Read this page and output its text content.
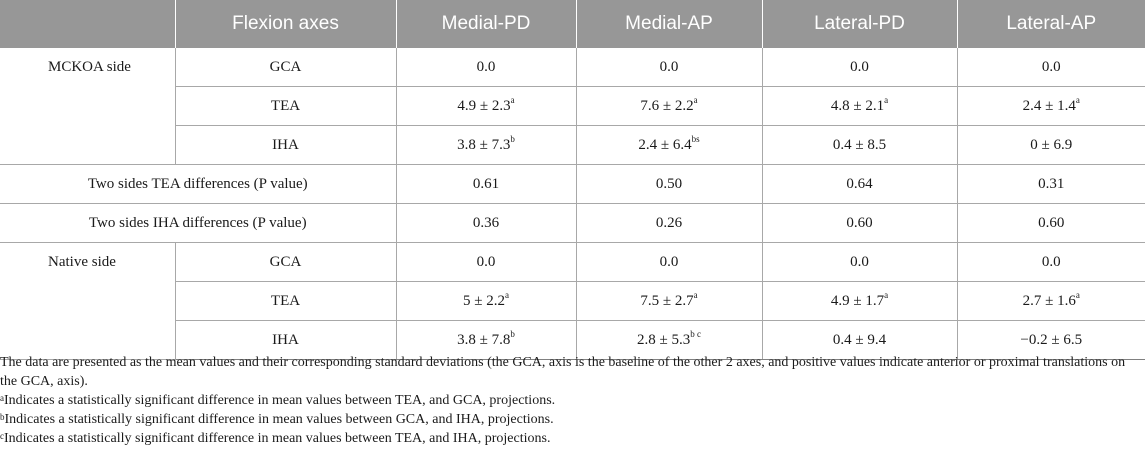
	Flexion axes	Medial-PD	Medial-AP	Lateral-PD	Lateral-AP
MCKOA side	GCA	0.0	0.0	0.0	0.0
	TEA	4.9 ± 2.3$^a$	7.6 ± 2.2$^a$	4.8 ± 2.1$^a$	2.4 ± 1.4$^a$
	IHA	3.8 ± 7.3$^b$	$2.4 \pm 6.4^{bs}$	0.4 ± 8.5	0 ± 6.9
Two sides TEA differences (P value)		0.61	0.50	0.64	0.31
Two sides IHA differences (P value)		0.36	0.26	0.60	0.60
Native side	GCA	0.0	0.0	0.0	0.0
	TEA	5 ± 2.2$^a$	7.5 ± 2.7$^a$	4.9 ± 1.7$^a$	2.7 ± 1.6$^a$
	IHA	3.8 ± 7.8$^b$	$2.8 \pm 5.3^{b c}$	0.4 ± 9.4	−0.2 ± 6.5

The data are presented as the mean values and their corresponding standard deviations (the GCA, axis is the baseline of the other 2 axes, and positive values indicate anterior or proximal translations on the GCA, axis).

$^a$Indicates a statistically significant difference in mean values between TEA, and GCA, projections.

$^b$Indicates a statistically significant difference in mean values between GCA, and IHA, projections.

$^c$Indicates a statistically significant difference in mean values between TEA, and IHA, projections.
